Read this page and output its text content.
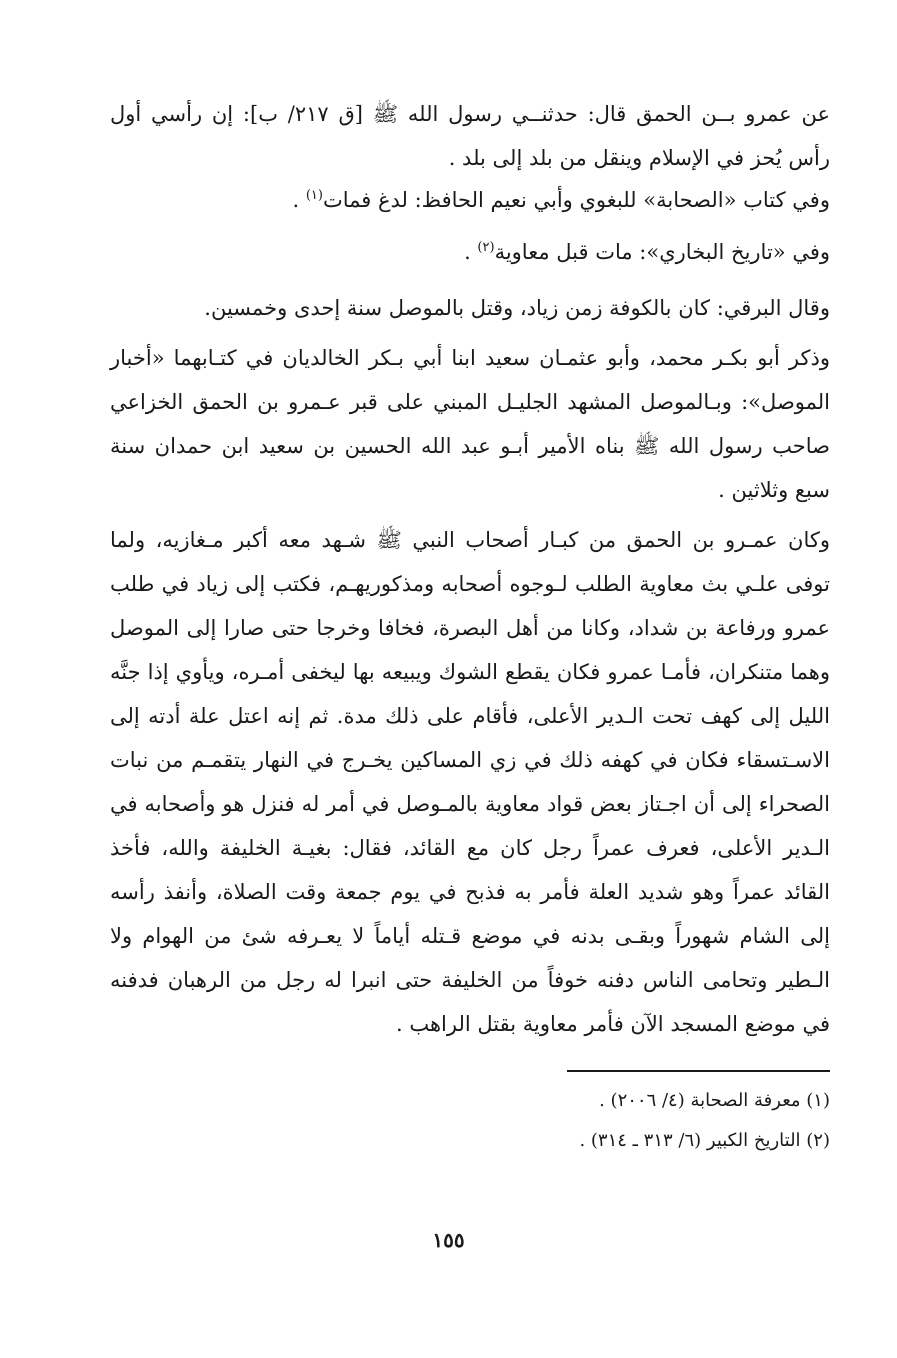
عن عمرو بــن الحمق قال: حدثنــي رسول الله ﷺ [ق ٢١٧/ ب]: إن رأسي أول رأس يُحز في الإسلام وينقل من بلد إلى بلد .

وفي كتاب «الصحابة» للبغوي وأبي نعيم الحافظ: لدغ فمات$^{(١)}$ .

وفي «تاريخ البخاري»: مات قبل معاوية$^{(٢)}$ .

وقال البرقي: كان بالكوفة زمن زياد، وقتل بالموصل سنة إحدى وخمسين.

وذكر أبو بكـر محمد، وأبو عثمـان سعيد ابنا أبي بـكر الخالديان في كتـابهما «أخبار الموصل»: وبـالموصل المشهد الجليـل المبني على قبر عـمرو بن الحمق الخزاعي صاحب رسول الله ﷺ بناه الأمير أبـو عبد الله الحسين بن سعيد ابن حمدان سنة سبع وثلاثين .

وكان عمـرو بن الحمق من كبـار أصحاب النبي ﷺ شـهد معه أكبر مـغازيه، ولما توفى علـي بث معاوية الطلب لـوجوه أصحابه ومذكوريهـم، فكتب إلى زياد في طلب عمرو ورفاعة بن شداد، وكانا من أهل البصرة، فخافا وخرجا حتى صارا إلى الموصل وهما متنكران، فأمـا عمرو فكان يقطع الشوك ويبيعه بها ليخفى أمـره، ويأوي إذا جنَّه الليل إلى كهف تحت الـدير الأعلى، فأقام على ذلك مدة. ثم إنه اعتل علة أدته إلى الاسـتسقاء فكان في كهفه ذلك في زي المساكين يخـرج في النهار يتقمـم من نبات الصحراء إلى أن اجـتاز بعض قواد معاوية بالمـوصل في أمر له فنزل هو وأصحابه في الـدير الأعلى، فعرف عمراً رجل كان مع القائد، فقال: بغيـة الخليفة والله، فأخذ القائد عمراً وهو شديد العلة فأمر به فذبح في يوم جمعة وقت الصلاة، وأنفذ رأسه إلى الشام شهوراً وبقـى بدنه في موضع قـتله أياماً لا يعـرفه شئ من الهوام ولا الـطير وتحامى الناس دفنه خوفاً من الخليفة حتى انبرا له رجل من الرهبان فدفنه في موضع المسجد الآن فأمر معاوية بقتل الراهب .

(١) معرفة الصحابة (٤/ ٢٠٠٦) .

(٢) التاريخ الكبير (٦/ ٣١٣ ـ ٣١٤) .

١٥٥
